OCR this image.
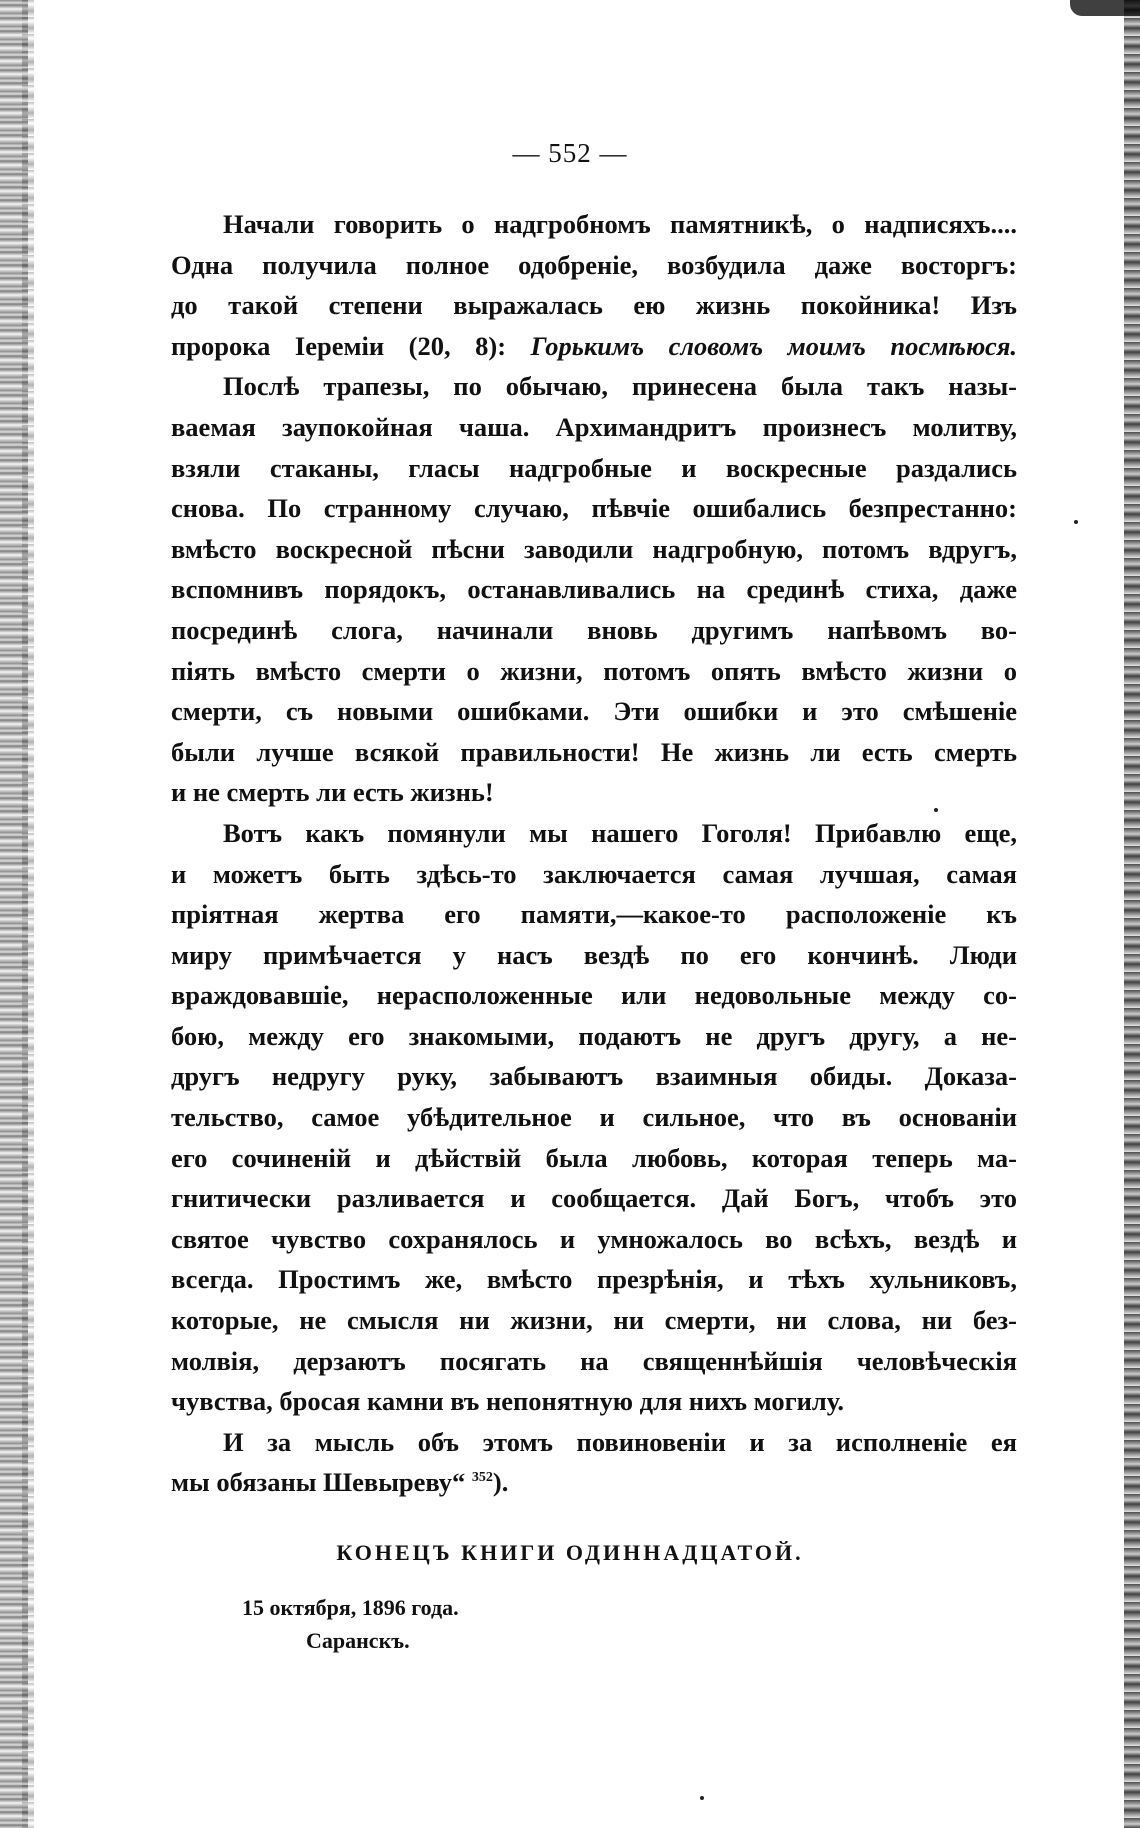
— 552 —
Начали говорить о надгробномъ памятникѣ, о надписяхъ....
Одна получила полное одобреніе, возбудила даже восторгъ:
до такой степени выражалась ею жизнь покойника! Изъ
пророка Іереміи (20, 8): Горькимъ словомъ моимъ посмѣюся.
Послѣ трапезы, по обычаю, принесена была такъ назы-
ваемая заупокойная чаша. Архимандритъ произнесъ молитву,
взяли стаканы, гласы надгробные и воскресные раздались
снова. По странному случаю, пѣвчіе ошибались безпрестанно:
вмѣсто воскресной пѣсни заводили надгробную, потомъ вдругъ,
вспомнивъ порядокъ, останавливались на срединѣ стиха, даже
посрединѣ слога, начинали вновь другимъ напѣвомъ во-
піять вмѣсто смерти о жизни, потомъ опять вмѣсто жизни о
смерти, съ новыми ошибками. Эти ошибки и это смѣшеніе
были лучше всякой правильности! Не жизнь ли есть смерть
и не смерть ли есть жизнь!
Вотъ какъ помянули мы нашего Гоголя! Прибавлю еще,
и можетъ быть здѣсь-то заключается самая лучшая, самая
пріятная жертва его памяти,—какое-то расположеніе къ
миру примѣчается у насъ вездѣ по его кончинѣ. Люди
враждовавшіе, нерасположенные или недовольные между со-
бою, между его знакомыми, подаютъ не другъ другу, а не-
другъ недругу руку, забываютъ взаимныя обиды. Доказа-
тельство, самое убѣдительное и сильное, что въ основаніи
его сочиненій и дѣйствій была любовь, которая теперь ма-
гнитически разливается и сообщается. Дай Богъ, чтобъ это
святое чувство сохранялось и умножалось во всѣхъ, вездѣ и
всегда. Простимъ же, вмѣсто презрѣнія, и тѣхъ хульниковъ,
которые, не смысля ни жизни, ни смерти, ни слова, ни без-
молвія, дерзаютъ посягать на священнѣйшія человѣческія
чувства, бросая камни въ непонятную для нихъ могилу.
И за мысль объ этомъ повиновеніи и за исполненіе ея
мы обязаны Шевыреву“ $^{352}$).
КОНЕЦЪ КНИГИ ОДИННАДЦАТОЙ.
15 октября, 1896 года.
Саранскъ.
